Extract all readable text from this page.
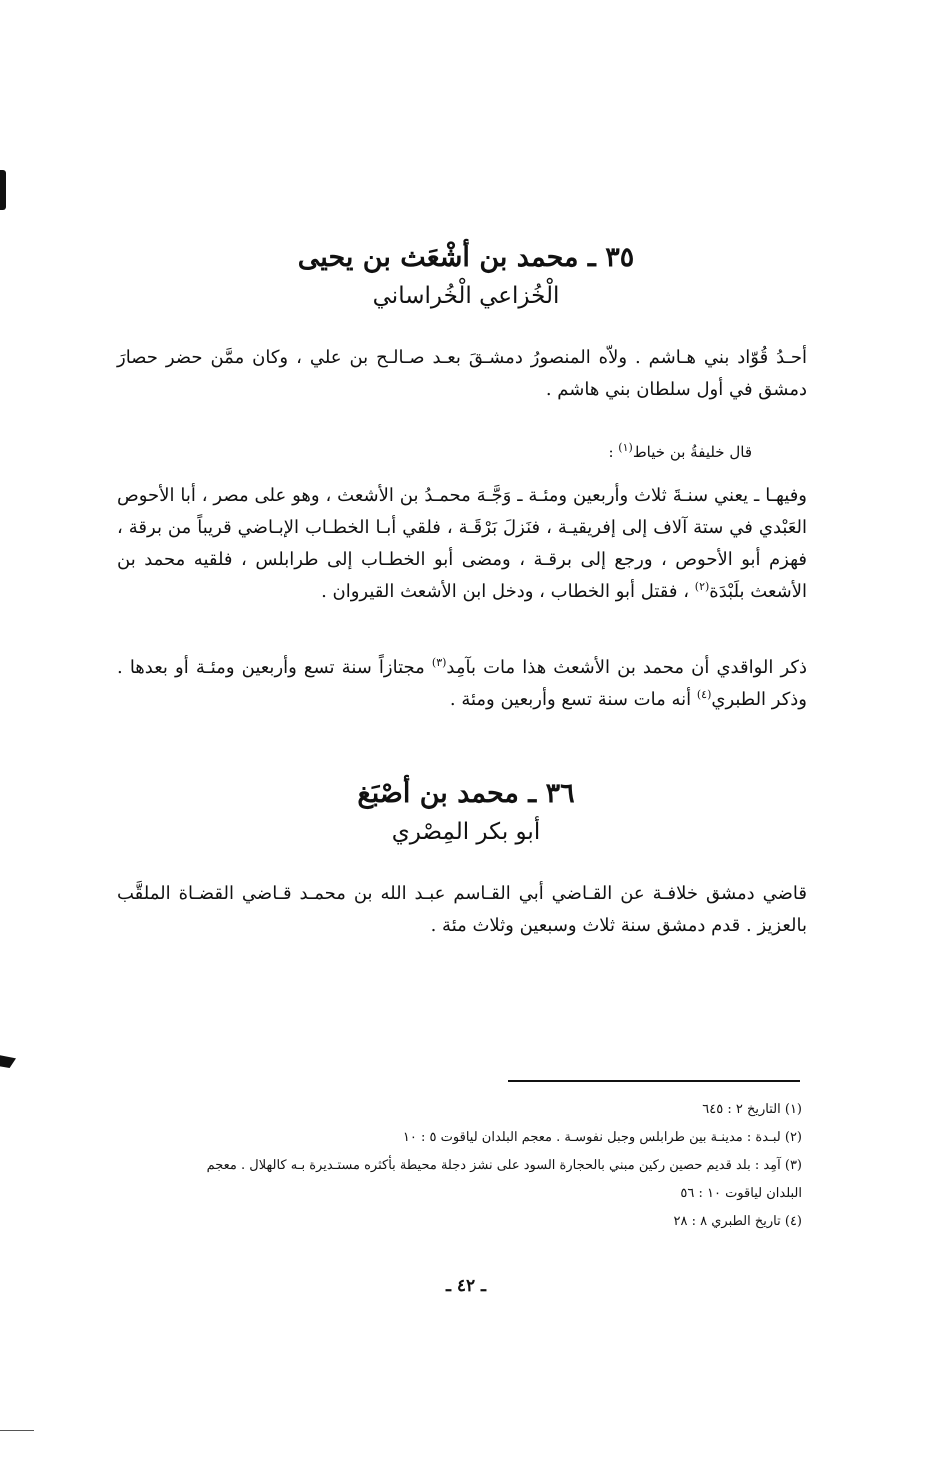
٣٥ ـ محمد بن أشْعَث بن يحيى
الْخُزاعي الْخُراساني
أحـدُ قُوّاد بني هـاشم . ولاّه المنصورُ دمشـقَ بعـد صـالـح بن علي ، وكان ممَّن حضر حصارَ دمشق في أول سلطان بني هاشم .
قال خليفةُ بن خياط$^{(١)}$ :
وفيهـا ـ يعني سنـةَ ثلاث وأربعين ومئـة ـ وَجَّـهَ محمـدُ بن الأشعث ، وهو على مصر ، أبا الأحوص العَبْدي في ستة آلاف إلى إفريقيـة ، فنَزلَ بَرْقَـة ، فلقي أبـا الخطـاب الإبـاضي قريباً من برقة ، فهزم أبو الأحوص ، ورجع إلى برقـة ، ومضى أبو الخطـاب إلى طرابلس ، فلقيه محمد بن الأشعث بلَبْدَة$^{(٢)}$ ، فقتل أبو الخطاب ، ودخل ابن الأشعث القيروان .
ذكر الواقدي أن محمد بن الأشعث هذا مات بآمِد$^{(٣)}$ مجتازاً سنة تسع وأربعين ومئـة أو بعدها . وذكر الطبري$^{(٤)}$ أنه مات سنة تسع وأربعين ومئة .
٣٦ ـ محمد بن أصْبَغ
أبو بكر المِصْري
قاضي دمشق خلافـة عن القـاضي أبي القـاسم عبـد الله بن محمـد قـاضي القضـاة الملقَّب بالعزيز . قدم دمشق سنة ثلاث وسبعين وثلاث مئة .
(١) التاريخ ٢ : ٦٤٥
(٢) لبـدة : مدينـة بين طرابلس وجبل نفوسـة . معجم البلدان لياقوت ٥ : ١٠
(٣) آمِد : بلد قديم حصين ركين مبني بالحجارة السود على نشز دجلة محيطة بأكثره مستـديرة بـه كالهلال . معجم
البلدان لياقوت ١٠ : ٥٦
(٤) تاريخ الطبري ٨ : ٢٨
ـ ٤٢ ـ
